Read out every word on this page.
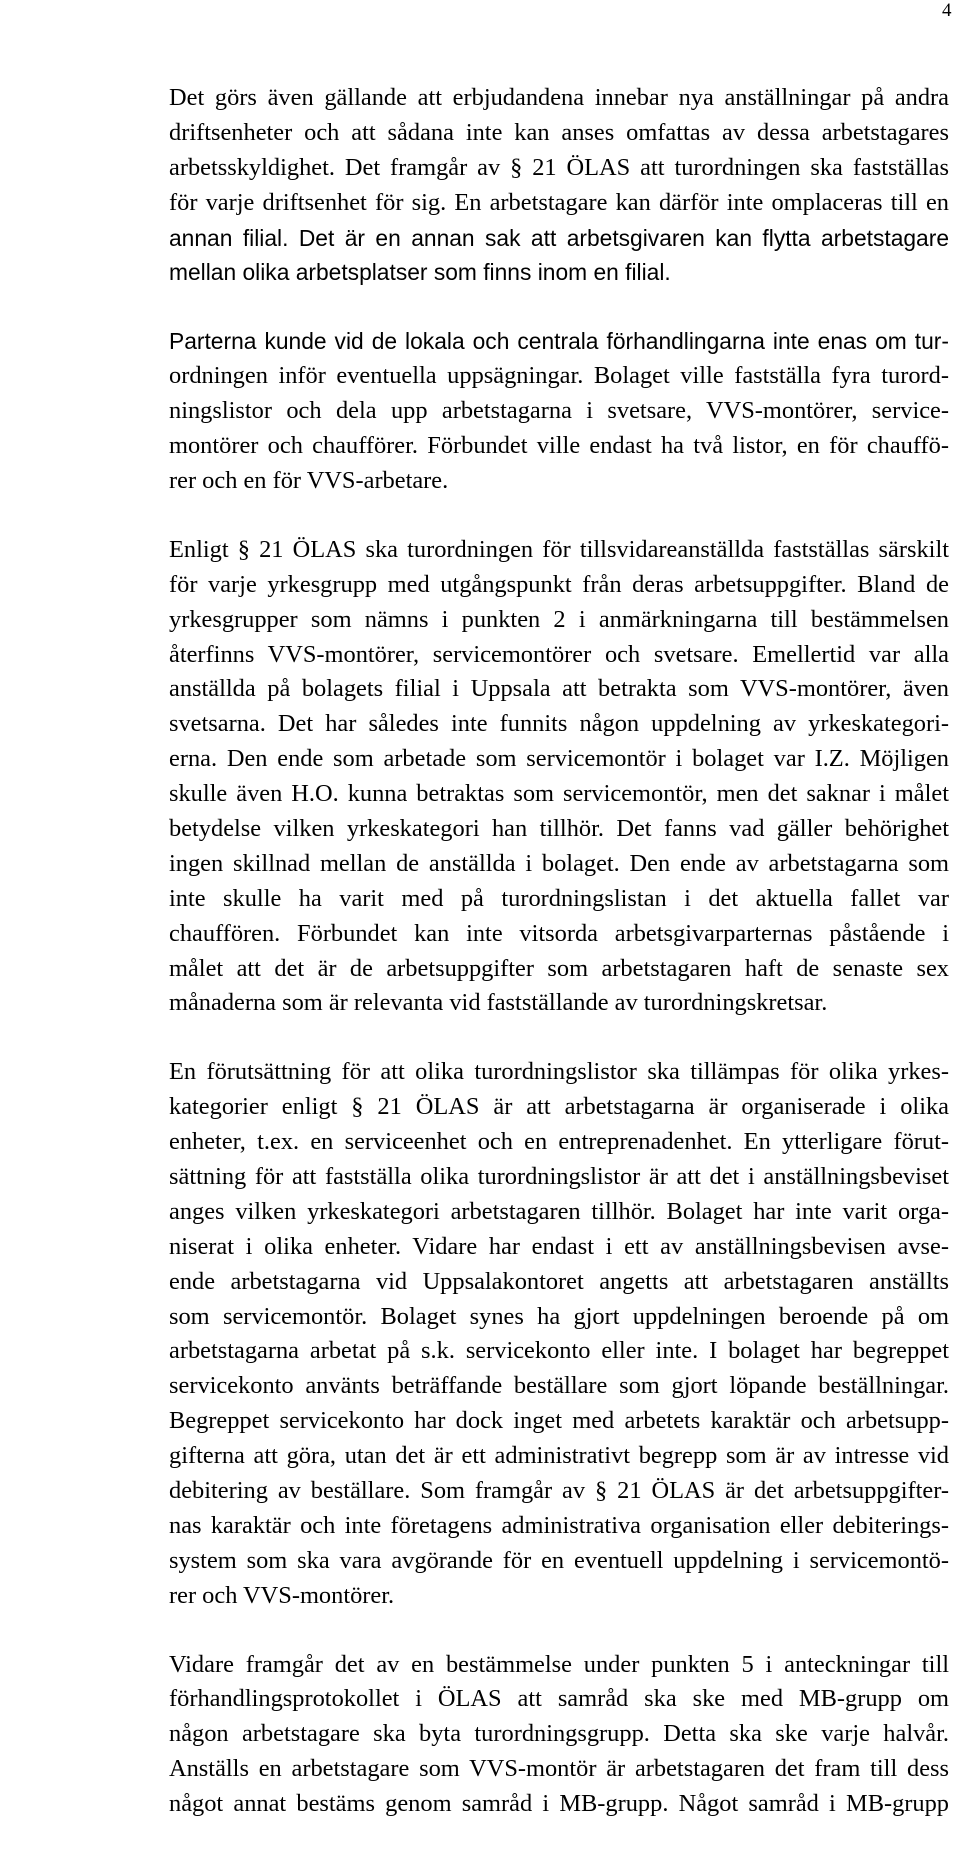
4

Det görs även gällande att erbjudandena innebar nya anställningar på andra
driftsenheter och att sådana inte kan anses omfattas av dessa arbetstagares
arbetsskyldighet. Det framgår av § 21 ÖLAS att turordningen ska fastställas
för varje driftsenhet för sig. En arbetstagare kan därför inte omplaceras till en
annan filial. Det är en annan sak att arbetsgivaren kan flytta arbetstagare
mellan olika arbetsplatser som finns inom en filial.

Parterna kunde vid de lokala och centrala förhandlingarna inte enas om tur-
ordningen inför eventuella uppsägningar. Bolaget ville fastställa fyra turord-
ningslistor och dela upp arbetstagarna i svetsare, VVS-montörer, service-
montörer och chaufförer. Förbundet ville endast ha två listor, en för chauffö-
rer och en för VVS-arbetare.

Enligt § 21 ÖLAS ska turordningen för tillsvidareanställda fastställas särskilt
för varje yrkesgrupp med utgångspunkt från deras arbetsuppgifter. Bland de
yrkesgrupper som nämns i punkten 2 i anmärkningarna till bestämmelsen
återfinns VVS-montörer, servicemontörer och svetsare. Emellertid var alla
anställda på bolagets filial i Uppsala att betrakta som VVS-montörer, även
svetsarna. Det har således inte funnits någon uppdelning av yrkeskategori-
erna. Den ende som arbetade som servicemontör i bolaget var I.Z. Möjligen
skulle även H.O. kunna betraktas som servicemontör, men det saknar i målet
betydelse vilken yrkeskategori han tillhör. Det fanns vad gäller behörighet
ingen skillnad mellan de anställda i bolaget. Den ende av arbetstagarna som
inte skulle ha varit med på turordningslistan i det aktuella fallet var
chauffören. Förbundet kan inte vitsorda arbetsgivarparternas påstående i
målet att det är de arbetsuppgifter som arbetstagaren haft de senaste sex
månaderna som är relevanta vid fastställande av turordningskretsar.

En förutsättning för att olika turordningslistor ska tillämpas för olika yrkes-
kategorier enligt § 21 ÖLAS är att arbetstagarna är organiserade i olika
enheter, t.ex. en serviceenhet och en entreprenadenhet. En ytterligare förut-
sättning för att fastställa olika turordningslistor är att det i anställningsbeviset
anges vilken yrkeskategori arbetstagaren tillhör. Bolaget har inte varit orga-
niserat i olika enheter. Vidare har endast i ett av anställningsbevisen avse-
ende arbetstagarna vid Uppsalakontoret angetts att arbetstagaren anställts
som servicemontör. Bolaget synes ha gjort uppdelningen beroende på om
arbetstagarna arbetat på s.k. servicekonto eller inte. I bolaget har begreppet
servicekonto använts beträffande beställare som gjort löpande beställningar.
Begreppet servicekonto har dock inget med arbetets karaktär och arbetsupp-
gifterna att göra, utan det är ett administrativt begrepp som är av intresse vid
debitering av beställare. Som framgår av § 21 ÖLAS är det arbetsuppgifter-
nas karaktär och inte företagens administrativa organisation eller debiterings-
system som ska vara avgörande för en eventuell uppdelning i servicemontö-
rer och VVS-montörer.

Vidare framgår det av en bestämmelse under punkten 5 i anteckningar till
förhandlingsprotokollet i ÖLAS att samråd ska ske med MB-grupp om
någon arbetstagare ska byta turordningsgrupp. Detta ska ske varje halvår.
Anställs en arbetstagare som VVS-montör är arbetstagaren det fram till dess
något annat bestäms genom samråd i MB-grupp. Något samråd i MB-grupp
